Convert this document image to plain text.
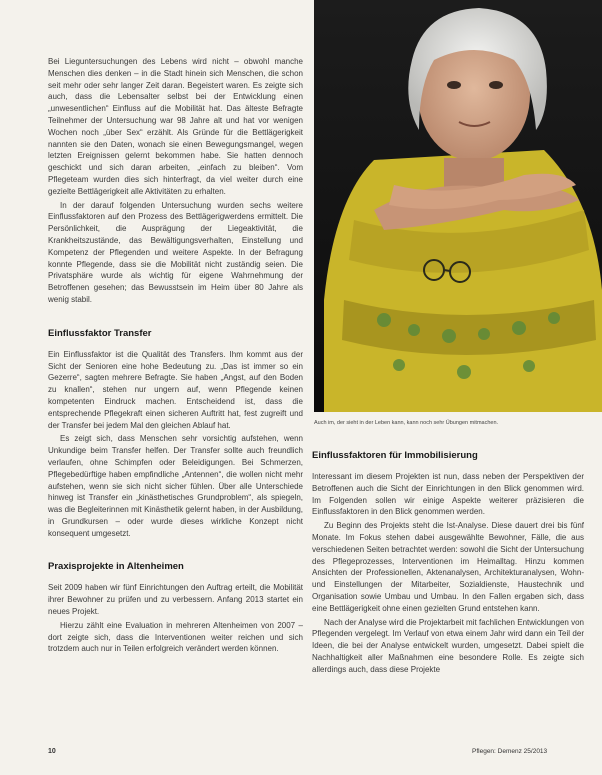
Bei Lieguntersuchungen des Lebens wird nicht – obwohl manche Menschen dies denken – in die Stadt hinein sich Menschen, die schon seit mehr oder sehr langer Zeit daran. Begeistert waren. Es zeigte sich auch, dass die Lebensalter selbst bei der Entwicklung einen „unwesentlichen“ Einfluss auf die Mobilität hat. Das älteste Befragte Teilnehmer der Untersuchung war 98 Jahre alt und hat vor wenigen Wochen noch „über Sex“ erzählt. Als Gründe für die Bettlägerigkeit nannten sie den Daten, wonach sie einen Bewegungsmangel, wegen letzten Ereignissen gelernt bekommen habe. Sie hatten dennoch geschickt und sich daran arbeiten, „einfach zu bleiben“. Vom Pflegeteam wurden dies sich hinterfragt, da viel weiter durch eine gezielte Bettlägerigkeit alle Aktivitäten zu erhalten.

In der darauf folgenden Untersuchung wurden sechs weitere Einflussfaktoren auf den Prozess des Bettlägerigwerdens ermittelt. Die Persönlichkeit, die Ausprägung der Liegeaktivität, die Krankheitszustände, das Bewältigungsverhalten, Einstellung und Kompetenz der Pflegenden und weitere Aspekte. In der Befragung konnte Pflegende, dass sie die Mobilität nicht zuständig seien. Die Privatsphäre wurde als wichtig für eigene Wahrnehmung der Betroffenen gesehen; das Bewusstsein im Heim über 80 Jahre als wenig stabil.

Einflussfaktor Transfer

Ein Einflussfaktor ist die Qualität des Transfers. Ihm kommt aus der Sicht der Senioren eine hohe Bedeutung zu. „Das ist immer so ein Gezerre“, sagten mehrere Befragte. Sie haben „Angst, auf den Boden zu knallen“, stehen nur ungern auf, wenn Pflegende keinen kompetenten Eindruck machen. Entscheidend ist, dass die entsprechende Pflegekraft einen sicheren Auftritt hat, fest zugreift und der Transfer bei jedem Mal den gleichen Ablauf hat.

Es zeigt sich, dass Menschen sehr vorsichtig aufstehen, wenn Unkundige beim Transfer helfen. Der Transfer sollte auch freundlich verlaufen, ohne Schimpfen oder Beleidigungen. Bei Schmerzen, Pflegebedürftige haben empfindliche „Antennen“, die wollen nicht mehr aufstehen, wenn sie sich nicht sicher fühlen. Über alle Unterschiede hinweg ist Transfer ein „kinästhetisches Grundproblem“, als spiegeln, was die Begleiterinnen mit Kinästhetik gelernt haben, in der Ausbildung, in Grundkursen – oder wurde dieses wirkliche Konzept nicht konsequent umgesetzt.

Praxisprojekte in Altenheimen

Seit 2009 haben wir fünf Einrichtungen den Auftrag erteilt, die Mobilität ihrer Bewohner zu prüfen und zu verbessern. Anfang 2013 startet ein neues Projekt.

Hierzu zählt eine Evaluation in mehreren Altenheimen von 2007 – dort zeigte sich, dass die Interventionen weiter reichen und sich trotzdem auch nur in Teilen erfolgreich verändert werden können.

Auch im, der sieht in der Leben kann, kann noch sehr Übungen mitmachen.

Einflussfaktoren für Immobilisierung

Interessant im diesem Projekten ist nun, dass neben der Perspektiven der Betroffenen auch die Sicht der Einrichtungen in den Blick genommen wird. Im Folgenden sollen wir einige Aspekte weiterer präzisieren die Einflussfaktoren in den Blick genommen werden.

Zu Beginn des Projekts steht die Ist-Analyse. Diese dauert drei bis fünf Monate. Im Fokus stehen dabei ausgewählte Bewohner, Fälle, die aus verschiedenen Seiten betrachtet werden: sowohl die Sicht der Untersuchung des Pflegeprozesses, Interventionen im Heimalltag. Hinzu kommen Ansichten der Professionellen, Aktenanalysen, Architekturanalysen, Wohn- und Einstellungen der Mitarbeiter, Sozialdienste, Haustechnik und Organisation sowie Umbau und Umbau. In den Fallen ergaben sich, dass eine Bettlägerigkeit ohne einen gezielten Grund entstehen kann.

Nach der Analyse wird die Projektarbeit mit fachlichen Entwicklungen von Pflegenden vergelegt. Im Verlauf von etwa einem Jahr wird dann ein Teil der Ideen, die bei der Analyse entwickelt wurden, umgesetzt. Dabei spielt die Nachhaltigkeit aller Maßnahmen eine besondere Rolle. Es zeigte sich allerdings auch, dass diese Projekte

10	Pflegen: Demenz 25/2013
